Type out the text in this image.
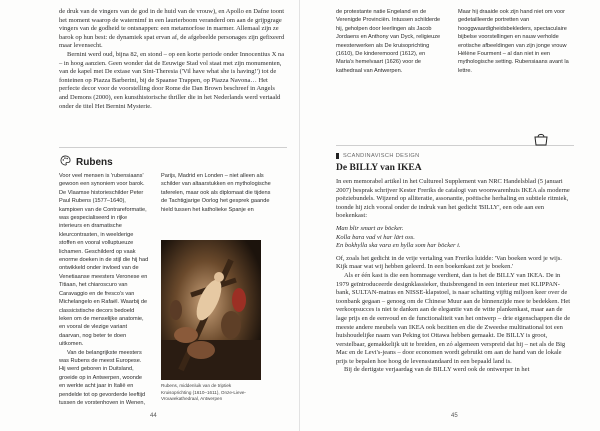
de druk van de vingers van de god in de huid van de vrouw), en Apollo en Dafne toont het moment waarop de waternimf in een laurierboom veranderd om aan de grijpgrage vingers van de godheid te ontsnappen: een metamorfose in marmer. Allemaal zijn ze barok op hun best: de dynamiek spat ervan af, de afgebeelde personages zijn gefixeerd maar levensecht.

Bernini werd oud, bijna 82, en stond – op een korte periode onder Innocentius X na – in hoog aanzien. Geen wonder dat de Eeuwige Stad vol staat met zijn monumenten, van de kapel met De extase van Sint-Theresia ('Vil have what she is having!') tot de fonteinen op Piazza Barberini, bij de Spaanse Trappen, op Piazza Navona… Het perfecte decor voor de voorstelling door Rome die Dan Brown beschreef in Angels and Demons (2000), een kunsthistorische thriller die in het Nederlands werd vertaald onder de titel Het Bernini Mysterie.

Rubens

Voor veel mensen is 'rubensiaans' gewoon een synoniem voor barok. De Vlaamse historieschilder Peter Paul Rubens (1577–1640), kampioen van de Contrareformatie, was gespecialiseerd in rijke interieurs en dramatische kleurcontrasten, in weelderige stoffen en vooral volluptueuze lichamen. Geschilderd op vaak enorme doeken in de stijl die hij had ontwikkeld onder invloed van de Venetiaanse meesters Veronese en Titiaan, het chiaroscuro van Caravaggio en de fresco's van Michelangelo en Rafaël. Waarbij de classicistische decors bedoeld leken om de menselijke anatomie, en vooral de vlezige variant daarvan, nog beter te doen uitkomen.

Van de belangrijkste meesters was Rubens de meest Europese. Hij werd geboren in Duitsland, groeide op in Antwerpen, woonde en werkte acht jaar in Italië en pendelde tot op gevorderde leeftijd tussen de vorstenhoven in Wenen,

Parijs, Madrid en Londen – niet alleen als schilder van altaarstukken en mythologische taferelen, maar ook als diplomaat die tijdens de Tachtigjarige Oorlog het gesprek gaande hield tussen het katholieke Spanje en

Rubens, middenluik van de triptiek Kruisoprichting (1610–1611), Onze-Lieve-Vrouwekathedraal, Antwerpen
44

de protestante natie Engeland en de Verenigde Provinciën. Intussen schilderde hij, geholpen door leerlingen als Jacob Jordaens en Anthony van Dyck, religieuze meesterwerken als De kruisoprichting (1610), De kinderemoord (1612), en Maria's hemelvaart (1626) voor de kathedraal van Antwerpen.

Maar hij draaide ook zijn hand niet om voor gedetailleerde portretten van hooggwaardigheidsbekleders, spectaculaire bijbelse voorstellingen en nauw verholde erotische afbeeldingen van zijn jonge vrouw Hélène Fourment – al dan niet in een mythologische setting. Rubensiaans avant la lettre.

SCANDINAVISCH DESIGN
De BILLY van IKEA

In een memorabel artikel in het Cultureel Supplement van NRC Handelsblad (5 januari 2007) besprak schrijver Kester Freriks de catalogi van woonwarenhuis IKEA als moderne poëziebundels. Wijzend op alliteratie, assonantie, poëtische herhaling en subtiele ritmiek, toonde hij zich vooral onder de indruk van het gedicht 'BILLY', een ode aan een boekenkast:

Man blir smart av böcker.

Kolla bara vad vi har lärt oss.

En bokhylla ska vara en hylla som har böcker i.

Of, zoals het gedicht in de vrije vertaling van Freriks luidde: 'Van boeken word je wijs. Kijk maar wat wij hebben geleerd. In een boekenkast zet je boeken.'

Als er één kast is die een hommage verdient, dan is het de BILLY van IKEA. De in 1979 geïntroduceerde designklassieker, thuisbrengend in een interieur met KLIPPAN-bank, SULTAN-matras en NISSE-klapstoel, is naar schatting vijftig miljoen keer over de toonbank gegaan – genoeg om de Chinese Muur aan de binnenzijde mee te bedekken. Het verkoopsucces is niet te danken aan de elegantie van de witte plankenkast, maar aan de lage prijs en de eenvoud en de functionaliteit van het ontwerp – drie eigenschappen die de meeste andere meubels van IKEA ook bezitten en die de Zweedse multinational tot een huishoudelijke naam van Peking tot Ottawa hebben gemaakt. De BILLY is groot, verstelbaar, gemakkelijk uit te breiden, en zó algemeen verspreid dat hij – net als de Big Mac en de Levi's-jeans – door economen wordt gebruikt om aan de hand van de lokale prijs te bepalen hoe hoog de levensstandaard in een bepaald land is.

Bij de dertigste verjaardag van de BILLY werd ook de ontwerper in het

45
